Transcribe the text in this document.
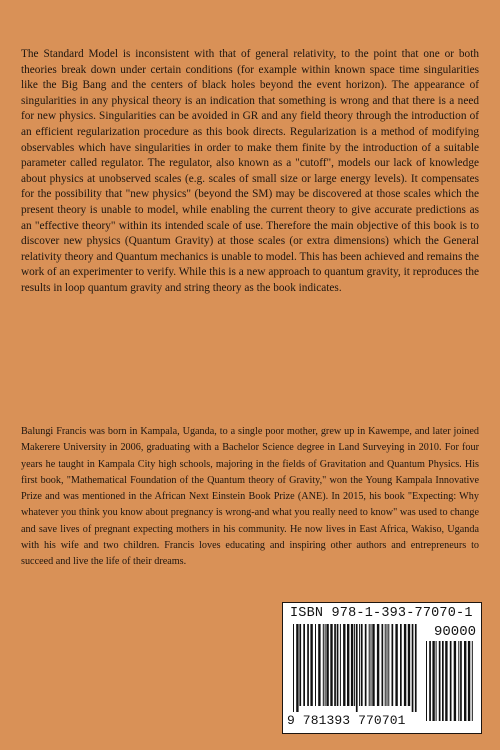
The Standard Model is inconsistent with that of general relativity, to the point that one or both theories break down under certain conditions (for example within known space time singularities like the Big Bang and the centers of black holes beyond the event horizon). The appearance of singularities in any physical theory is an indication that something is wrong and that there is a need for new physics. Singularities can be avoided in GR and any field theory through the introduction of an efficient regularization procedure as this book directs. Regularization is a method of modifying observables which have singularities in order to make them finite by the introduction of a suitable parameter called regulator. The regulator, also known as a "cutoff", models our lack of knowledge about physics at unobserved scales (e.g. scales of small size or large energy levels). It compensates for the possibility that "new physics" (beyond the SM) may be discovered at those scales which the present theory is unable to model, while enabling the current theory to give accurate predictions as an "effective theory" within its intended scale of use. Therefore the main objective of this book is to discover new physics (Quantum Gravity) at those scales (or extra dimensions) which the General relativity theory and Quantum mechanics is unable to model. This has been achieved and remains the work of an experimenter to verify. While this is a new approach to quantum gravity, it reproduces the results in loop quantum gravity and string theory as the book indicates.

Balungi Francis was born in Kampala, Uganda, to a single poor mother, grew up in Kawempe, and later joined Makerere University in 2006, graduating with a Bachelor Science degree in Land Surveying in 2010. For four years he taught in Kampala City high schools, majoring in the fields of Gravitation and Quantum Physics. His first book, "Mathematical Foundation of the Quantum theory of Gravity," won the Young Kampala Innovative Prize and was mentioned in the African Next Einstein Book Prize (ANE). In 2015, his book "Expecting: Why whatever you think you know about pregnancy is wrong-and what you really need to know" was used to change and save lives of pregnant expecting mothers in his community. He now lives in East Africa, Wakiso, Uganda with his wife and two children. Francis loves educating and inspiring other authors and entrepreneurs to succeed and live the life of their dreams.

ISBN 978-1-393-77070-1
90000
9 781393 770701
